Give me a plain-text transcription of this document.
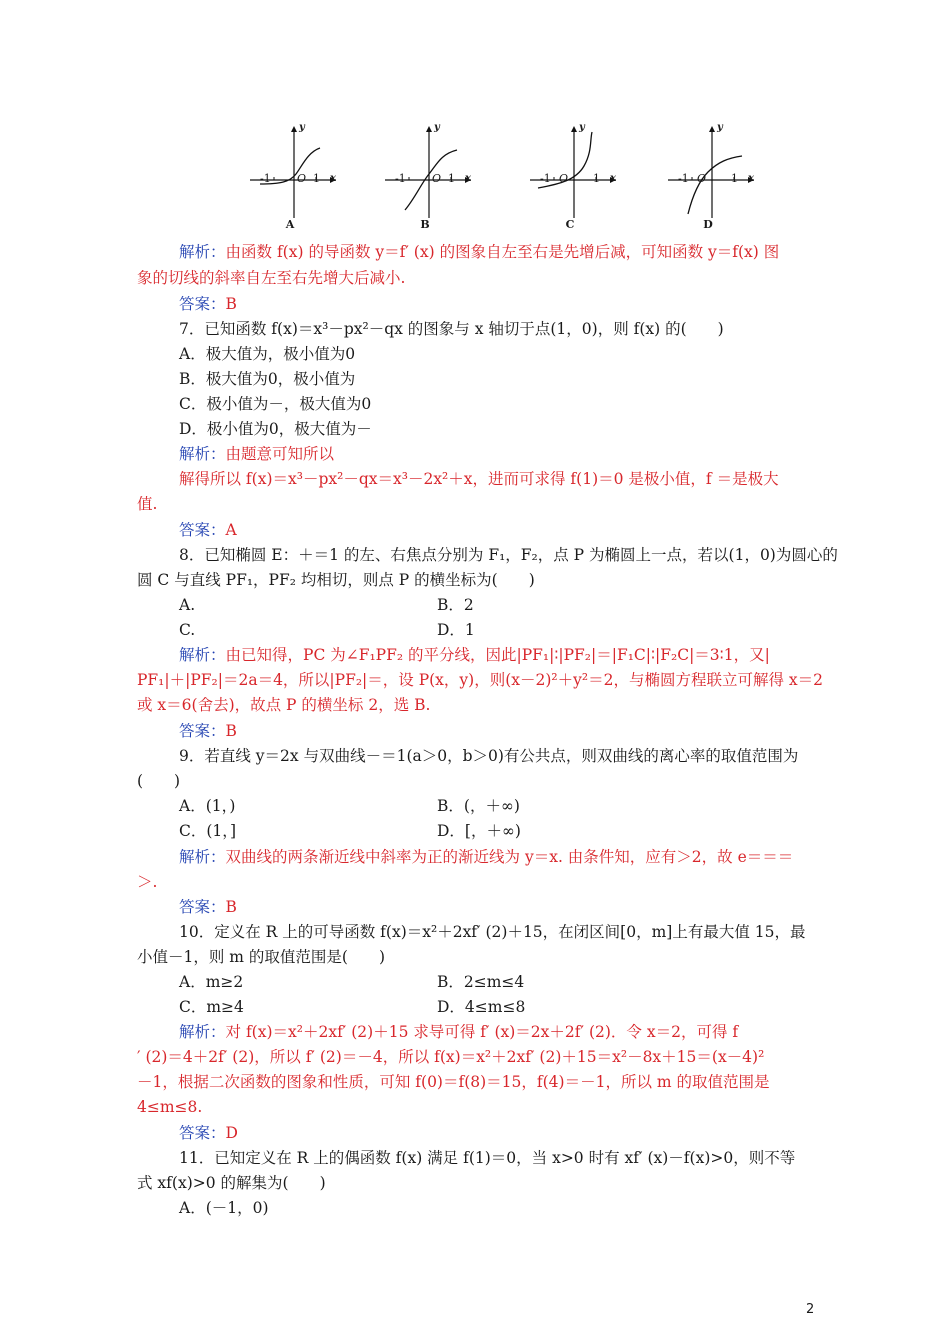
-1 O 1 x
y
A
-1 O 1 x
y
B
-1 O 1 x
y
C
-1 O 1 x
y
D
解析：由函数 f(x) 的导函数 y＝f′ (x) 的图象自左至右是先增后减，可知函数 y＝f(x) 图
象的切线的斜率自左至右先增大后减小.
答案：B
7．已知函数 f(x)＝x³－px²－qx 的图象与 x 轴切于点(1，0)，则 f(x) 的(　　)
A．极大值为，极小值为0
B．极大值为0，极小值为
C．极小值为－，极大值为0
D．极小值为0，极大值为－
解析：由题意可知所以
解得所以 f(x)＝x³－px²－qx＝x³－2x²＋x，进而可求得 f(1)＝0 是极小值，f ＝是极大
值.
答案：A
8．已知椭圆 E：＋＝1 的左、右焦点分别为 F₁，F₂，点 P 为椭圆上一点，若以(1，0)为圆心的
圆 C 与直线 PF₁，PF₂ 均相切，则点 P 的横坐标为(　　)
A.	B．2
C.	D．1
解析：由已知得，PC 为∠F₁PF₂ 的平分线，因此|PF₁|∶|PF₂|＝|F₁C|∶|F₂C|＝3∶1，又|
PF₁|＋|PF₂|＝2a＝4，所以|PF₂|＝，设 P(x，y)，则(x－2)²＋y²＝2，与椭圆方程联立可解得 x＝2
或 x＝6(舍去)，故点 P 的横坐标 2，选 B.
答案：B
9．若直线 y＝2x 与双曲线－＝1(a＞0，b＞0)有公共点，则双曲线的离心率的取值范围为
(　　)
A．(1，)	B．(，＋∞)
C．(1，]	D．[，＋∞)
解析：双曲线的两条渐近线中斜率为正的渐近线为 y＝x. 由条件知，应有＞2，故 e＝＝＝
＞.
答案：B
10．定义在 R 上的可导函数 f(x)＝x²＋2xf′ (2)＋15，在闭区间[0，m]上有最大值 15，最
小值－1，则 m 的取值范围是(　　)
A．m≥2	B．2≤m≤4
C．m≥4	D．4≤m≤8
解析：对 f(x)＝x²＋2xf′ (2)＋15 求导可得 f′ (x)＝2x＋2f′ (2)．令 x＝2，可得 f
′ (2)＝4＋2f′ (2)，所以 f′ (2)＝－4，所以 f(x)＝x²＋2xf′ (2)＋15＝x²－8x＋15＝(x－4)²
－1，根据二次函数的图象和性质，可知 f(0)＝f(8)＝15，f(4)＝－1，所以 m 的取值范围是
4≤m≤8.
答案：D
11．已知定义在 R 上的偶函数 f(x) 满足 f(1)＝0，当 x>0 时有 xf′ (x)－f(x)>0，则不等
式 xf(x)>0 的解集为(　　)
A．(－1，0)
2
